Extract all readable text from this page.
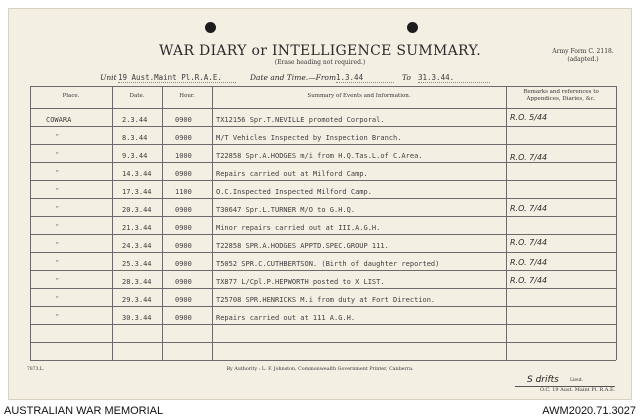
WAR DIARY or INTELLIGENCE SUMMARY.
(Erase heading not required.)
Army Form C. 2118.
(adapted.)
Unit 19 Aust.Maint Pl.R.A.E.	Date and Time.—From 1.3.44	To 31.3.44.
Place.	Date.	Hour.	Summary of Events and Information.
Remarks and references to Appendices, Diaries, &c.
COWARA	2.3.44	0900	TX12156 Spr.T.NEVILLE promoted Corporal.	R.O. 5/44
"	8.3.44	0900	M/T Vehicles Inspected by Inspection Branch.
"	9.3.44	1000	T22858 Spr.A.HODGES m/i from H.Q.Tas.L.of C.Area.	R.O. 7/44
"	14.3.44	0900	Repairs carried out at Milford Camp.
"	17.3.44	1100	O.C.Inspected Inspected Milford Camp.
"	20.3.44	0900	T30647 Spr.L.TURNER M/O to G.H.Q.	R.O. 7/44
"	21.3.44	0900	Minor repairs carried out at III.A.G.H.
"	24.3.44	0900	T22858 SPR.A.HODGES APPTD.SPEC.GROUP 111.	R.O. 7/44
"	25.3.44	0900	T5052 SPR.C.CUTHBERTSON. (Birth of daughter reported)	R.O. 7/44
"	28.3.44	0900	TX877 L/Cpl.P.HEPWORTH posted to X LIST.	R.O. 7/44
"	29.3.44	0900	T25708 SPR.HENRICKS M.i from duty at Fort Direction.
"	30.3.44	0900	Repairs carried out at 111 A.G.H.
7873.L.	By Authority : L. F. Johnston, Commonwealth Government Printer, Canberra.
S drifts Lieut.
O.C. 19 Aust. Maint Pl. R.A.E.
AUSTRALIAN WAR MEMORIAL	AWM2020.71.3027
